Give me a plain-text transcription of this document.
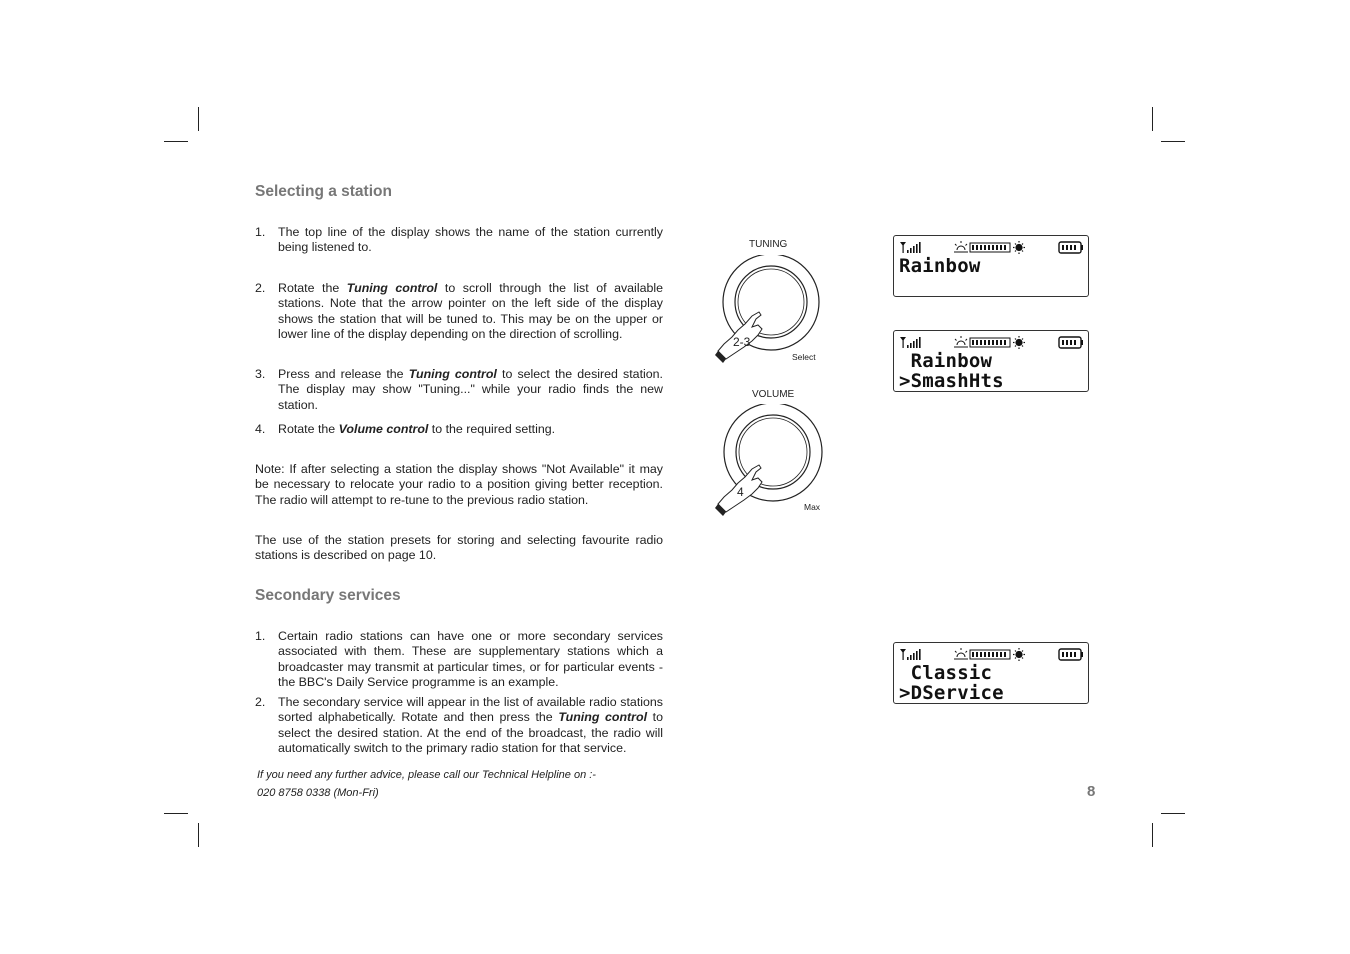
Selecting a station
1. The top line of the display shows the name of the station currently being listened to.
2. Rotate the Tuning control to scroll through the list of available stations. Note that the arrow pointer on the left side of the display shows the station that will be tuned to. This may be on the upper or lower line of the display depending on the direction of scrolling.
3. Press and release the Tuning control to select the desired station. The display may show "Tuning..." while your radio finds the new station.
4. Rotate the Volume control to the required setting.

Note: If after selecting a station the display shows "Not Available" it may be necessary to relocate your radio to a position giving better reception. The radio will attempt to re-tune to the previous radio station.

The use of the station presets for storing and selecting favourite radio stations is described on page 10.

Secondary services
1. Certain radio stations can have one or more secondary services associated with them. These are supplementary stations which a broadcaster may transmit at particular times, or for particular events - the BBC's Daily Service programme is an example.
2. The secondary service will appear in the list of available radio stations sorted alphabetically. Rotate and then press the Tuning control to select the desired station. At the end of the broadcast, the radio will automatically switch to the primary radio station for that service.
If you need any further advice, please call our Technical Helpline on :-
020 8758 0338 (Mon-Fri)	8
TUNING
2-3
Select
VOLUME
4
Max
Rainbow
Rainbow
>SmashHts
Classic
>DService
